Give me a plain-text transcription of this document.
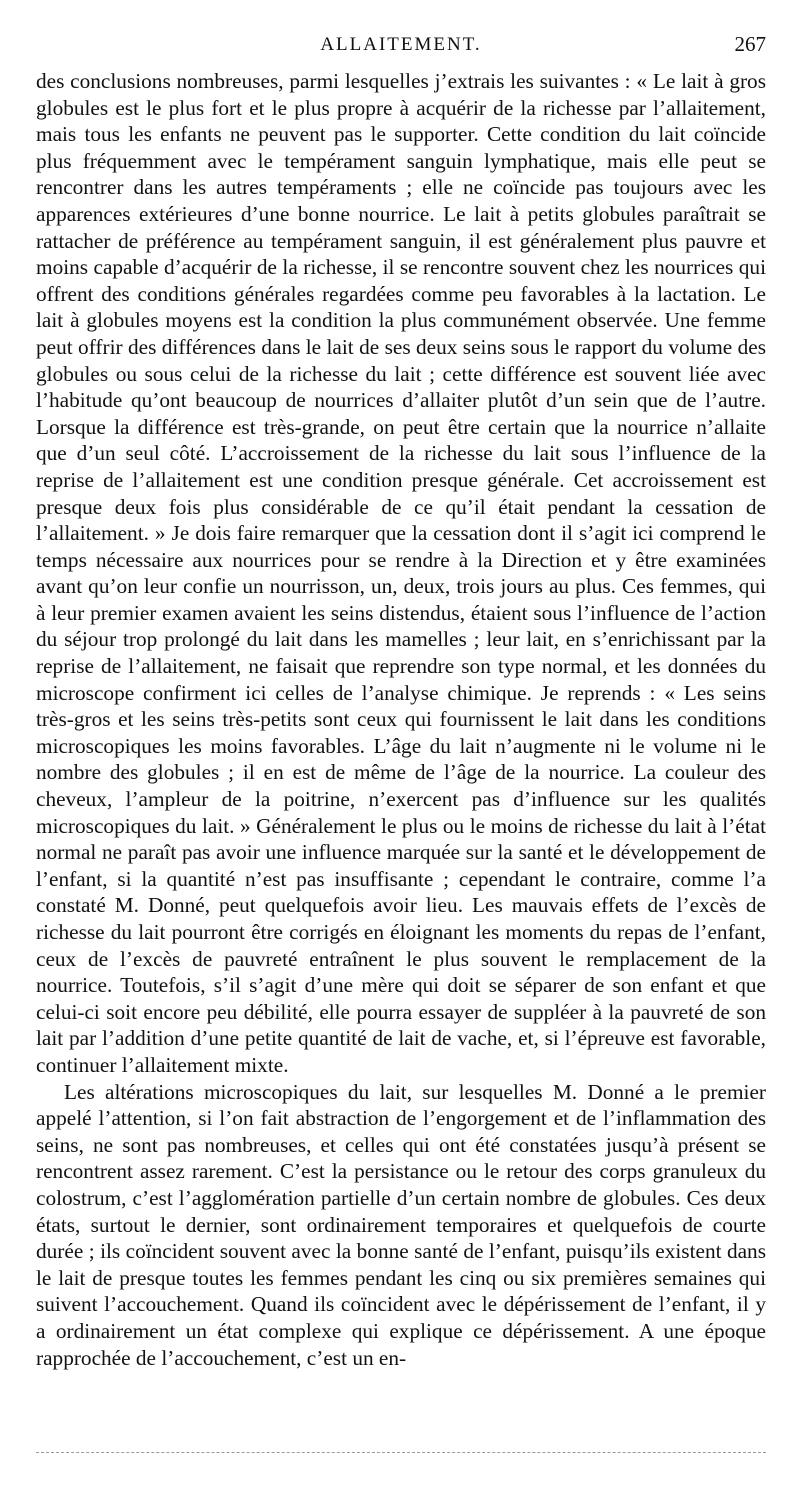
ALLAITEMENT.	267

des conclusions nombreuses, parmi lesquelles j’extrais les suivantes : « Le lait à gros globules est le plus fort et le plus propre à acquérir de la richesse par l’allaitement, mais tous les enfants ne peuvent pas le supporter. Cette condition du lait coïncide plus fréquemment avec le tempérament sanguin lymphatique, mais elle peut se rencontrer dans les autres tempéraments ; elle ne coïncide pas toujours avec les apparences extérieures d’une bonne nourrice. Le lait à petits globules paraîtrait se rattacher de préférence au tempérament sanguin, il est généralement plus pauvre et moins capable d’acquérir de la richesse, il se rencontre souvent chez les nourrices qui offrent des conditions générales regardées comme peu favorables à la lactation. Le lait à globules moyens est la condition la plus communément observée. Une femme peut offrir des différences dans le lait de ses deux seins sous le rapport du volume des globules ou sous celui de la richesse du lait ; cette différence est souvent liée avec l’habitude qu’ont beaucoup de nourrices d’allaiter plutôt d’un sein que de l’autre. Lorsque la différence est très-grande, on peut être certain que la nourrice n’allaite que d’un seul côté. L’accroissement de la richesse du lait sous l’influence de la reprise de l’allaitement est une condition presque générale. Cet accroissement est presque deux fois plus considérable de ce qu’il était pendant la cessation de l’allaitement. » Je dois faire remarquer que la cessation dont il s’agit ici comprend le temps nécessaire aux nourrices pour se rendre à la Direction et y être examinées avant qu’on leur confie un nourrisson, un, deux, trois jours au plus. Ces femmes, qui à leur premier examen avaient les seins distendus, étaient sous l’influence de l’action du séjour trop prolongé du lait dans les mamelles ; leur lait, en s’enrichissant par la reprise de l’allaitement, ne faisait que reprendre son type normal, et les données du microscope confirment ici celles de l’analyse chimique. Je reprends : « Les seins très-gros et les seins très-petits sont ceux qui fournissent le lait dans les conditions microscopiques les moins favorables. L’âge du lait n’augmente ni le volume ni le nombre des globules ; il en est de même de l’âge de la nourrice. La couleur des cheveux, l’ampleur de la poitrine, n’exercent pas d’influence sur les qualités microscopiques du lait. » Généralement le plus ou le moins de richesse du lait à l’état normal ne paraît pas avoir une influence marquée sur la santé et le développement de l’enfant, si la quantité n’est pas insuffisante ; cependant le contraire, comme l’a constaté M. Donné, peut quelquefois avoir lieu. Les mauvais effets de l’excès de richesse du lait pourront être corrigés en éloignant les moments du repas de l’enfant, ceux de l’excès de pauvreté entraînent le plus souvent le remplacement de la nourrice. Toutefois, s’il s’agit d’une mère qui doit se séparer de son enfant et que celui-ci soit encore peu débilité, elle pourra essayer de suppléer à la pauvreté de son lait par l’addition d’une petite quantité de lait de vache, et, si l’épreuve est favorable, continuer l’allaitement mixte.

Les altérations microscopiques du lait, sur lesquelles M. Donné a le premier appelé l’attention, si l’on fait abstraction de l’engorgement et de l’inflammation des seins, ne sont pas nombreuses, et celles qui ont été constatées jusqu’à présent se rencontrent assez rarement. C’est la persistance ou le retour des corps granuleux du colostrum, c’est l’agglomération partielle d’un certain nombre de globules. Ces deux états, surtout le dernier, sont ordinairement temporaires et quelquefois de courte durée ; ils coïncident souvent avec la bonne santé de l’enfant, puisqu’ils existent dans le lait de presque toutes les femmes pendant les cinq ou six premières semaines qui suivent l’accouchement. Quand ils coïncident avec le dépérissement de l’enfant, il y a ordinairement un état complexe qui explique ce dépérissement. A une époque rapprochée de l’accouchement, c’est un en-
